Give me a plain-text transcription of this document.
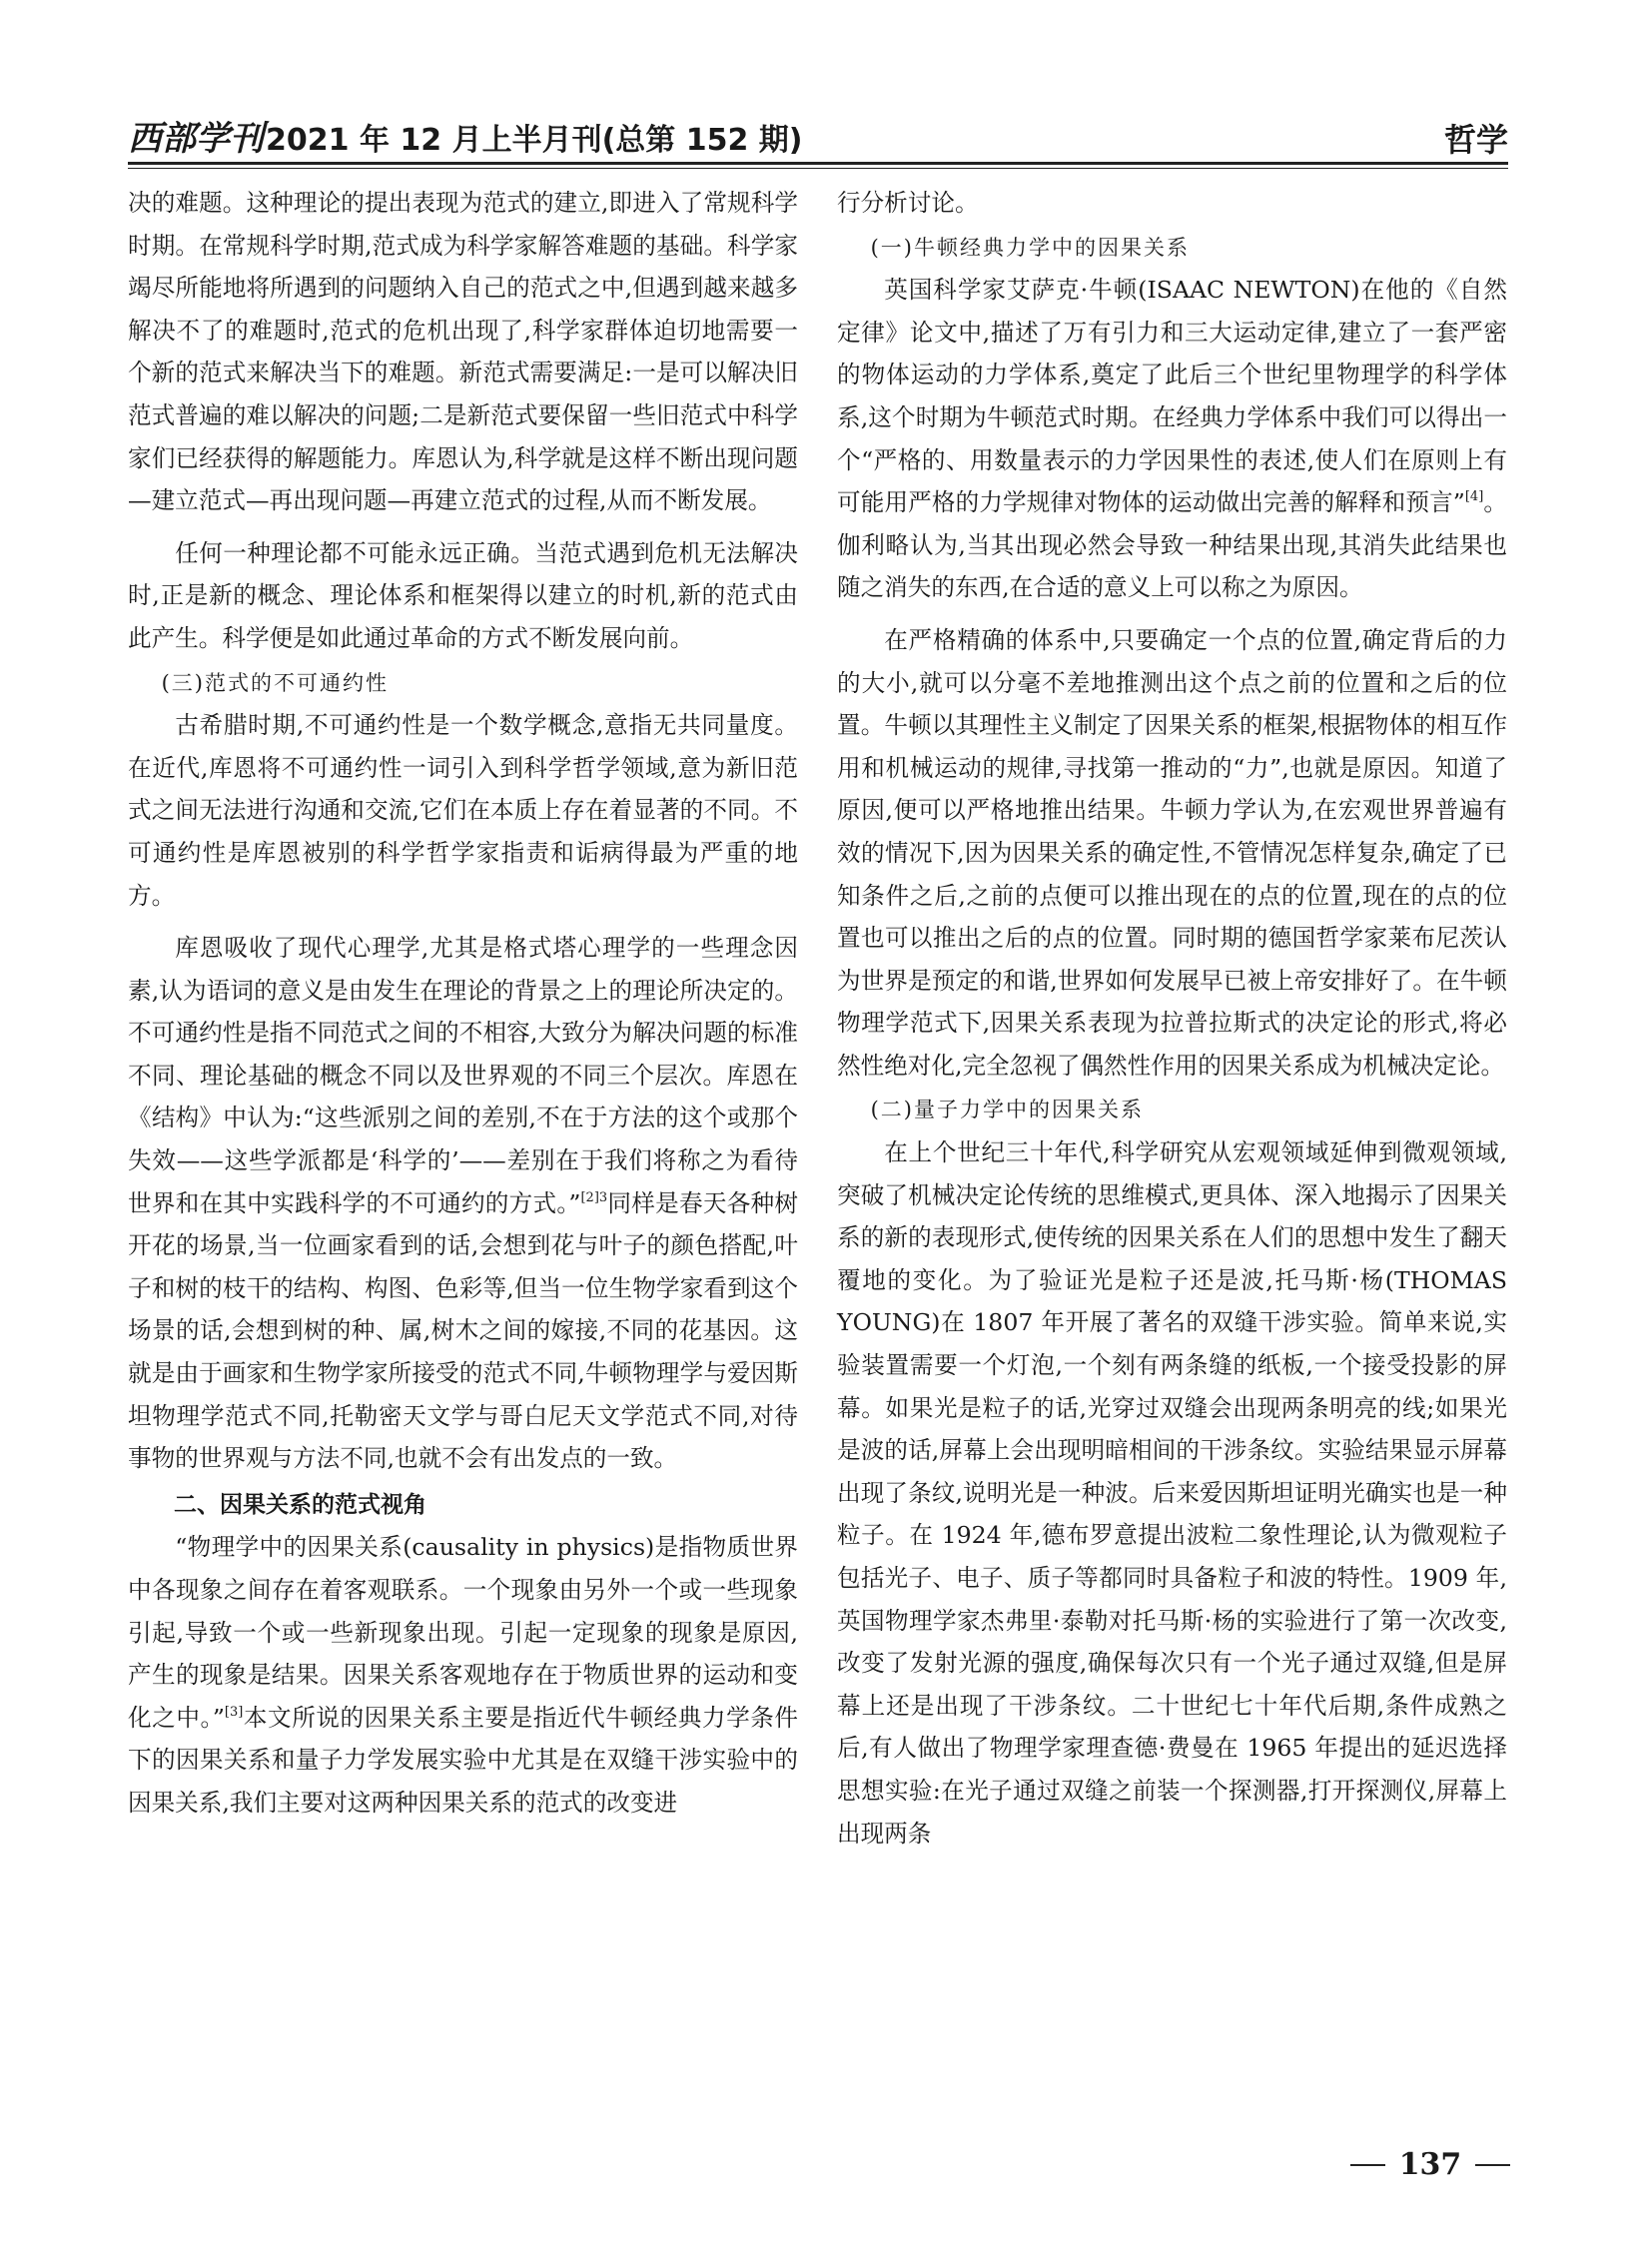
西部学刊 2021 年 12 月上半月刊(总第 152 期)	哲学

决的难题。这种理论的提出表现为范式的建立,即进入了常规科学时期。在常规科学时期,范式成为科学家解答难题的基础。科学家竭尽所能地将所遇到的问题纳入自己的范式之中,但遇到越来越多解决不了的难题时,范式的危机出现了,科学家群体迫切地需要一个新的范式来解决当下的难题。新范式需要满足:一是可以解决旧范式普遍的难以解决的问题;二是新范式要保留一些旧范式中科学家们已经获得的解题能力。库恩认为,科学就是这样不断出现问题—建立范式—再出现问题—再建立范式的过程,从而不断发展。

任何一种理论都不可能永远正确。当范式遇到危机无法解决时,正是新的概念、理论体系和框架得以建立的时机,新的范式由此产生。科学便是如此通过革命的方式不断发展向前。

(三)范式的不可通约性

古希腊时期,不可通约性是一个数学概念,意指无共同量度。在近代,库恩将不可通约性一词引入到科学哲学领域,意为新旧范式之间无法进行沟通和交流,它们在本质上存在着显著的不同。不可通约性是库恩被别的科学哲学家指责和诟病得最为严重的地方。

库恩吸收了现代心理学,尤其是格式塔心理学的一些理念因素,认为语词的意义是由发生在理论的背景之上的理论所决定的。不可通约性是指不同范式之间的不相容,大致分为解决问题的标准不同、理论基础的概念不同以及世界观的不同三个层次。库恩在《结构》中认为:“这些派别之间的差别,不在于方法的这个或那个失效——这些学派都是‘科学的’——差别在于我们将称之为看待世界和在其中实践科学的不可通约的方式。”$^{[2]3}$同样是春天各种树开花的场景,当一位画家看到的话,会想到花与叶子的颜色搭配,叶子和树的枝干的结构、构图、色彩等,但当一位生物学家看到这个场景的话,会想到树的种、属,树木之间的嫁接,不同的花基因。这就是由于画家和生物学家所接受的范式不同,牛顿物理学与爱因斯坦物理学范式不同,托勒密天文学与哥白尼天文学范式不同,对待事物的世界观与方法不同,也就不会有出发点的一致。

二、因果关系的范式视角

“物理学中的因果关系(causality in physics)是指物质世界中各现象之间存在着客观联系。一个现象由另外一个或一些现象引起,导致一个或一些新现象出现。引起一定现象的现象是原因,产生的现象是结果。因果关系客观地存在于物质世界的运动和变化之中。”[3]本文所说的因果关系主要是指近代牛顿经典力学条件下的因果关系和量子力学发展实验中尤其是在双缝干涉实验中的因果关系,我们主要对这两种因果关系的范式的改变进

行分析讨论。

(一)牛顿经典力学中的因果关系

英国科学家艾萨克·牛顿(ISAAC NEWTON)在他的《自然定律》论文中,描述了万有引力和三大运动定律,建立了一套严密的物体运动的力学体系,奠定了此后三个世纪里物理学的科学体系,这个时期为牛顿范式时期。在经典力学体系中我们可以得出一个“严格的、用数量表示的力学因果性的表述,使人们在原则上有可能用严格的力学规律对物体的运动做出完善的解释和预言”[4]。伽利略认为,当其出现必然会导致一种结果出现,其消失此结果也随之消失的东西,在合适的意义上可以称之为原因。

在严格精确的体系中,只要确定一个点的位置,确定背后的力的大小,就可以分毫不差地推测出这个点之前的位置和之后的位置。牛顿以其理性主义制定了因果关系的框架,根据物体的相互作用和机械运动的规律,寻找第一推动的“力”,也就是原因。知道了原因,便可以严格地推出结果。牛顿力学认为,在宏观世界普遍有效的情况下,因为因果关系的确定性,不管情况怎样复杂,确定了已知条件之后,之前的点便可以推出现在的点的位置,现在的点的位置也可以推出之后的点的位置。同时期的德国哲学家莱布尼茨认为世界是预定的和谐,世界如何发展早已被上帝安排好了。在牛顿物理学范式下,因果关系表现为拉普拉斯式的决定论的形式,将必然性绝对化,完全忽视了偶然性作用的因果关系成为机械决定论。

(二)量子力学中的因果关系

在上个世纪三十年代,科学研究从宏观领域延伸到微观领域,突破了机械决定论传统的思维模式,更具体、深入地揭示了因果关系的新的表现形式,使传统的因果关系在人们的思想中发生了翻天覆地的变化。为了验证光是粒子还是波,托马斯·杨(THOMAS YOUNG)在 1807 年开展了著名的双缝干涉实验。简单来说,实验装置需要一个灯泡,一个刻有两条缝的纸板,一个接受投影的屏幕。如果光是粒子的话,光穿过双缝会出现两条明亮的线;如果光是波的话,屏幕上会出现明暗相间的干涉条纹。实验结果显示屏幕出现了条纹,说明光是一种波。后来爱因斯坦证明光确实也是一种粒子。在 1924 年,德布罗意提出波粒二象性理论,认为微观粒子包括光子、电子、质子等都同时具备粒子和波的特性。1909 年,英国物理学家杰弗里·泰勒对托马斯·杨的实验进行了第一次改变,改变了发射光源的强度,确保每次只有一个光子通过双缝,但是屏幕上还是出现了干涉条纹。二十世纪七十年代后期,条件成熟之后,有人做出了物理学家理查德·费曼在 1965 年提出的延迟选择思想实验:在光子通过双缝之前装一个探测器,打开探测仪,屏幕上出现两条

137
